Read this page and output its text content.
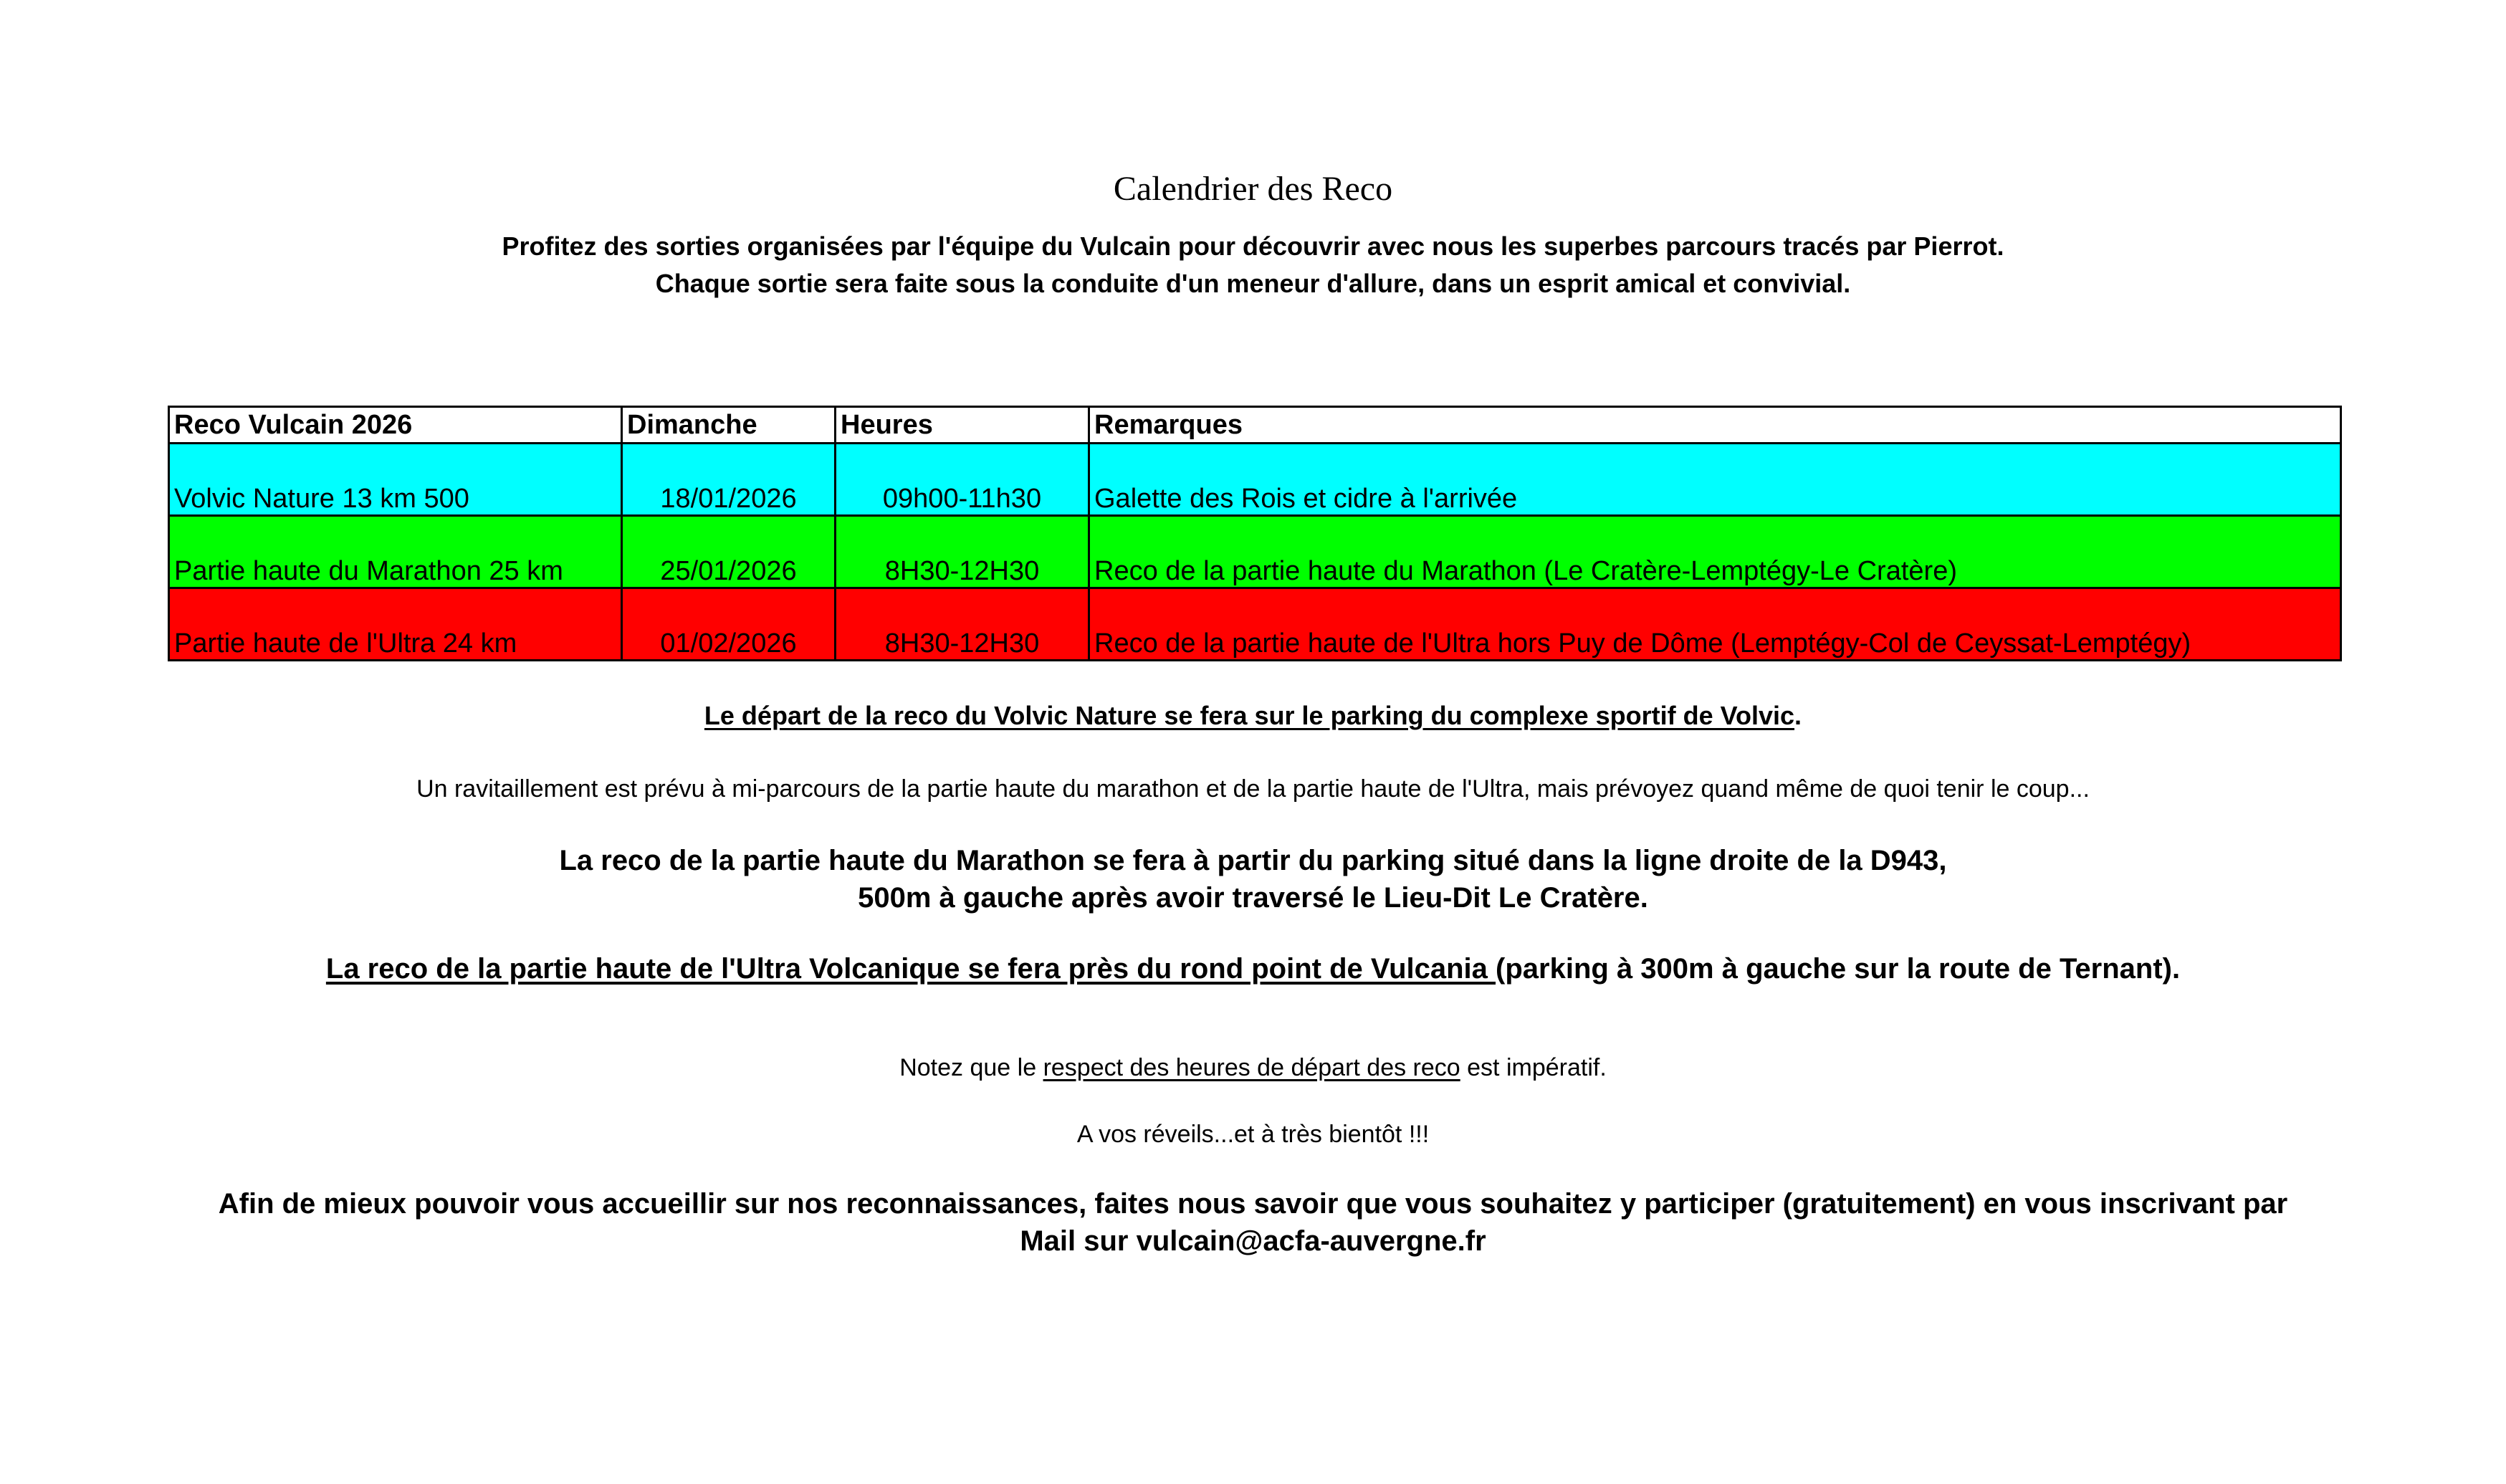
Calendrier des Reco
Profitez des sorties organisées par l'équipe du Vulcain pour découvrir avec nous les superbes parcours tracés par Pierrot.
Chaque sortie sera faite sous la conduite d'un meneur d'allure, dans un esprit amical et convivial.
Reco Vulcain 2026	Dimanche	Heures	Remarques
Volvic Nature 13 km 500	18/01/2026	09h00-11h30	Galette des Rois et cidre à l'arrivée
Partie haute du Marathon 25 km	25/01/2026	8H30-12H30	Reco de la partie haute du Marathon (Le Cratère-Lemptégy-Le Cratère)
Partie haute de l'Ultra 24 km	01/02/2026	8H30-12H30	Reco de la partie haute de l'Ultra hors Puy de Dôme (Lemptégy-Col de Ceyssat-Lemptégy)
Le départ de la reco du Volvic Nature se fera sur le parking du complexe sportif de Volvic.
Un ravitaillement est prévu à mi-parcours de la partie haute du marathon et de la partie haute de l'Ultra, mais prévoyez quand même de quoi tenir le coup...
La reco de la partie haute du Marathon se fera à partir du parking situé dans la ligne droite de la D943,
500m à gauche après avoir traversé le Lieu-Dit Le Cratère.
La reco de la partie haute de l'Ultra Volcanique se fera près du rond point de Vulcania (parking à 300m à gauche sur la route de Ternant).
Notez que le respect des heures de départ des reco est impératif.
A vos réveils...et à très bientôt !!!
Afin de mieux pouvoir vous accueillir sur nos reconnaissances, faites nous savoir que vous souhaitez y participer (gratuitement) en vous inscrivant par
Mail sur vulcain@acfa-auvergne.fr
